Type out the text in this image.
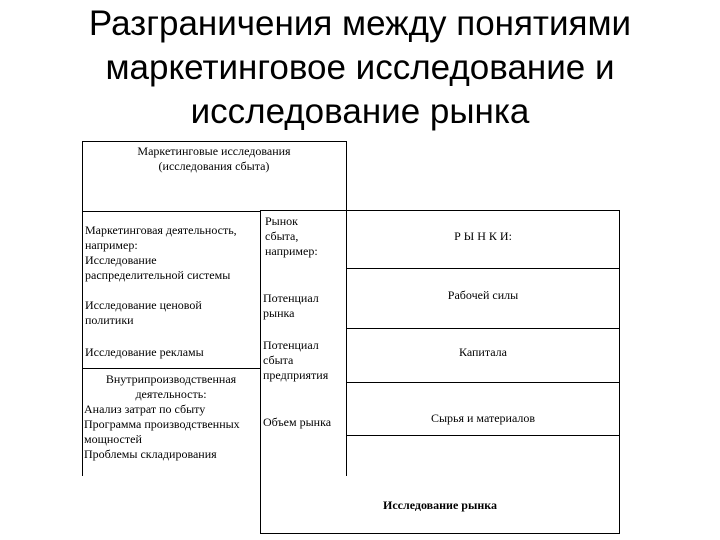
Разграничения между понятиями
маркетинговое исследование и
исследование рынка
Маркетинговые исследования
(исследования сбыта)
Маркетинговая деятельность,
например:
Исследование
распределительной системы
Исследование ценовой
политики
Исследование рекламы
Внутрипроизводственная
деятельность:
Анализ затрат по сбыту
Программа производственных
мощностей
Проблемы складирования
Рынок
сбыта,
например:
Потенциал
рынка
Потенциал
сбыта
предприятия
Объем рынка
Р Ы Н К И:
Рабочей силы
Капитала
Сырья и материалов
Исследование рынка
